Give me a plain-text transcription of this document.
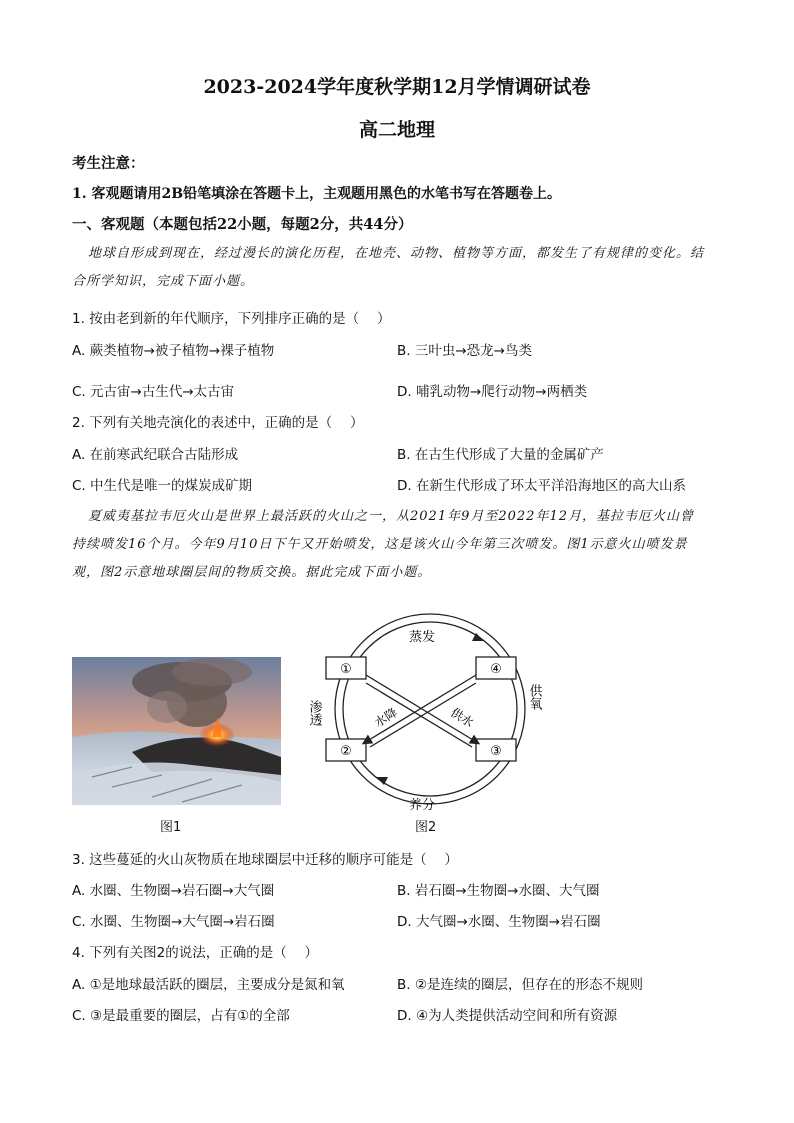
2023-2024学年度秋学期12月学情调研试卷
高二地理
考生注意：
1. 客观题请用2B铅笔填涂在答题卡上，主观题用黑色的水笔书写在答题卷上。
一、客观题（本题包括22小题，每题2分，共44分）
地球自形成到现在，经过漫长的演化历程，在地壳、动物、植物等方面，都发生了有规律的变化。结
合所学知识，完成下面小题。
1. 按由老到新的年代顺序，下列排序正确的是（　 ）
A. 蕨类植物→被子植物→裸子植物	B. 三叶虫→恐龙→鸟类
C. 元古宙→古生代→太古宙	D. 哺乳动物→爬行动物→两栖类
2. 下列有关地壳演化的表述中，正确的是（　 ）
A. 在前寒武纪联合古陆形成	B. 在古生代形成了大量的金属矿产
C. 中生代是唯一的煤炭成矿期	D. 在新生代形成了环太平洋沿海地区的高大山系
夏威夷基拉韦厄火山是世界上最活跃的火山之一，从2021年9月至2022年12月，基拉韦厄火山曾
持续喷发16个月。今年9月10日下午又开始喷发，这是该火山今年第三次喷发。图1示意火山喷发景
观，图2示意地球圈层间的物质交换。据此完成下面小题。
图1
①
②	③
④
蒸发
养分
渗透
供氧
水降	供水
图2
3. 这些蔓延的火山灰物质在地球圈层中迁移的顺序可能是（　 ）
A. 水圈、生物圈→岩石圈→大气圈	B. 岩石圈→生物圈→水圈、大气圈
C. 水圈、生物圈→大气圈→岩石圈	D. 大气圈→水圈、生物圈→岩石圈
4. 下列有关图2的说法，正确的是（　 ）
A. ①是地球最活跃的圈层，主要成分是氮和氧	B. ②是连续的圈层，但存在的形态不规则
C. ③是最重要的圈层，占有①的全部	D. ④为人类提供活动空间和所有资源
